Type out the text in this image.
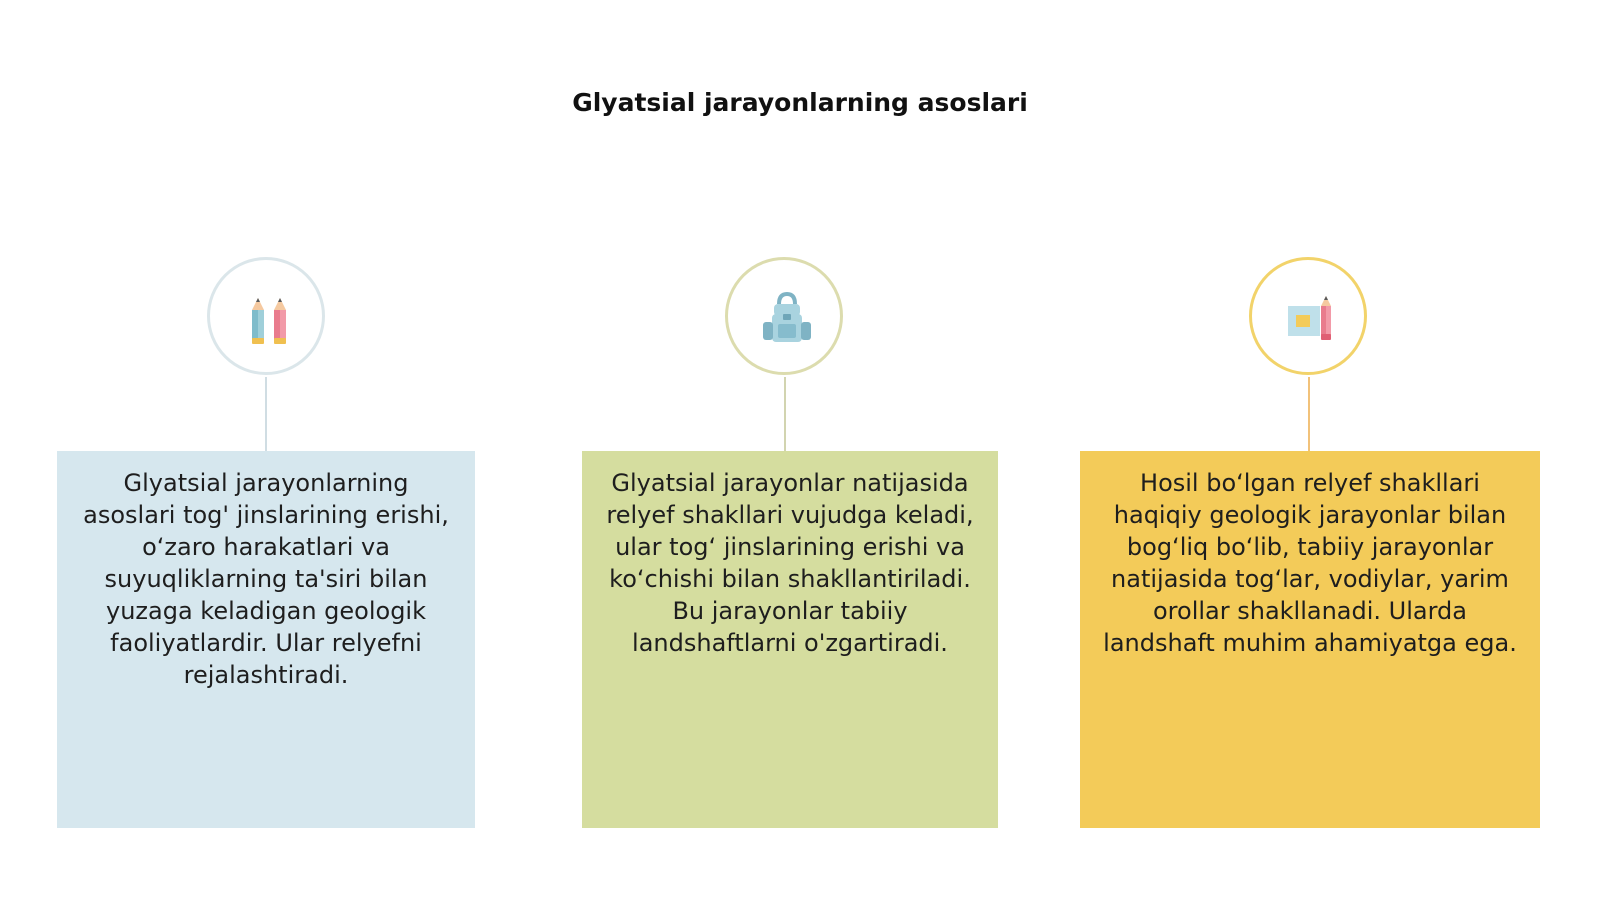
Glyatsial jarayonlarning asoslari
Glyatsial jarayonlarning asoslari tog' jinslarining erishi, o‘zaro harakatlari va suyuqliklarning ta'siri bilan yuzaga keladigan geologik faoliyatlardir. Ular relyefni rejalashtiradi.
Glyatsial jarayonlar natijasida relyef shakllari vujudga keladi, ular tog‘ jinslarining erishi va ko‘chishi bilan shakllantiriladi. Bu jarayonlar tabiiy landshaftlarni o'zgartiradi.
Hosil bo‘lgan relyef shakllari haqiqiy geologik jarayonlar bilan bog‘liq bo‘lib, tabiiy jarayonlar natijasida tog‘lar, vodiylar, yarim orollar shakllanadi. Ularda landshaft muhim ahamiyatga ega.
